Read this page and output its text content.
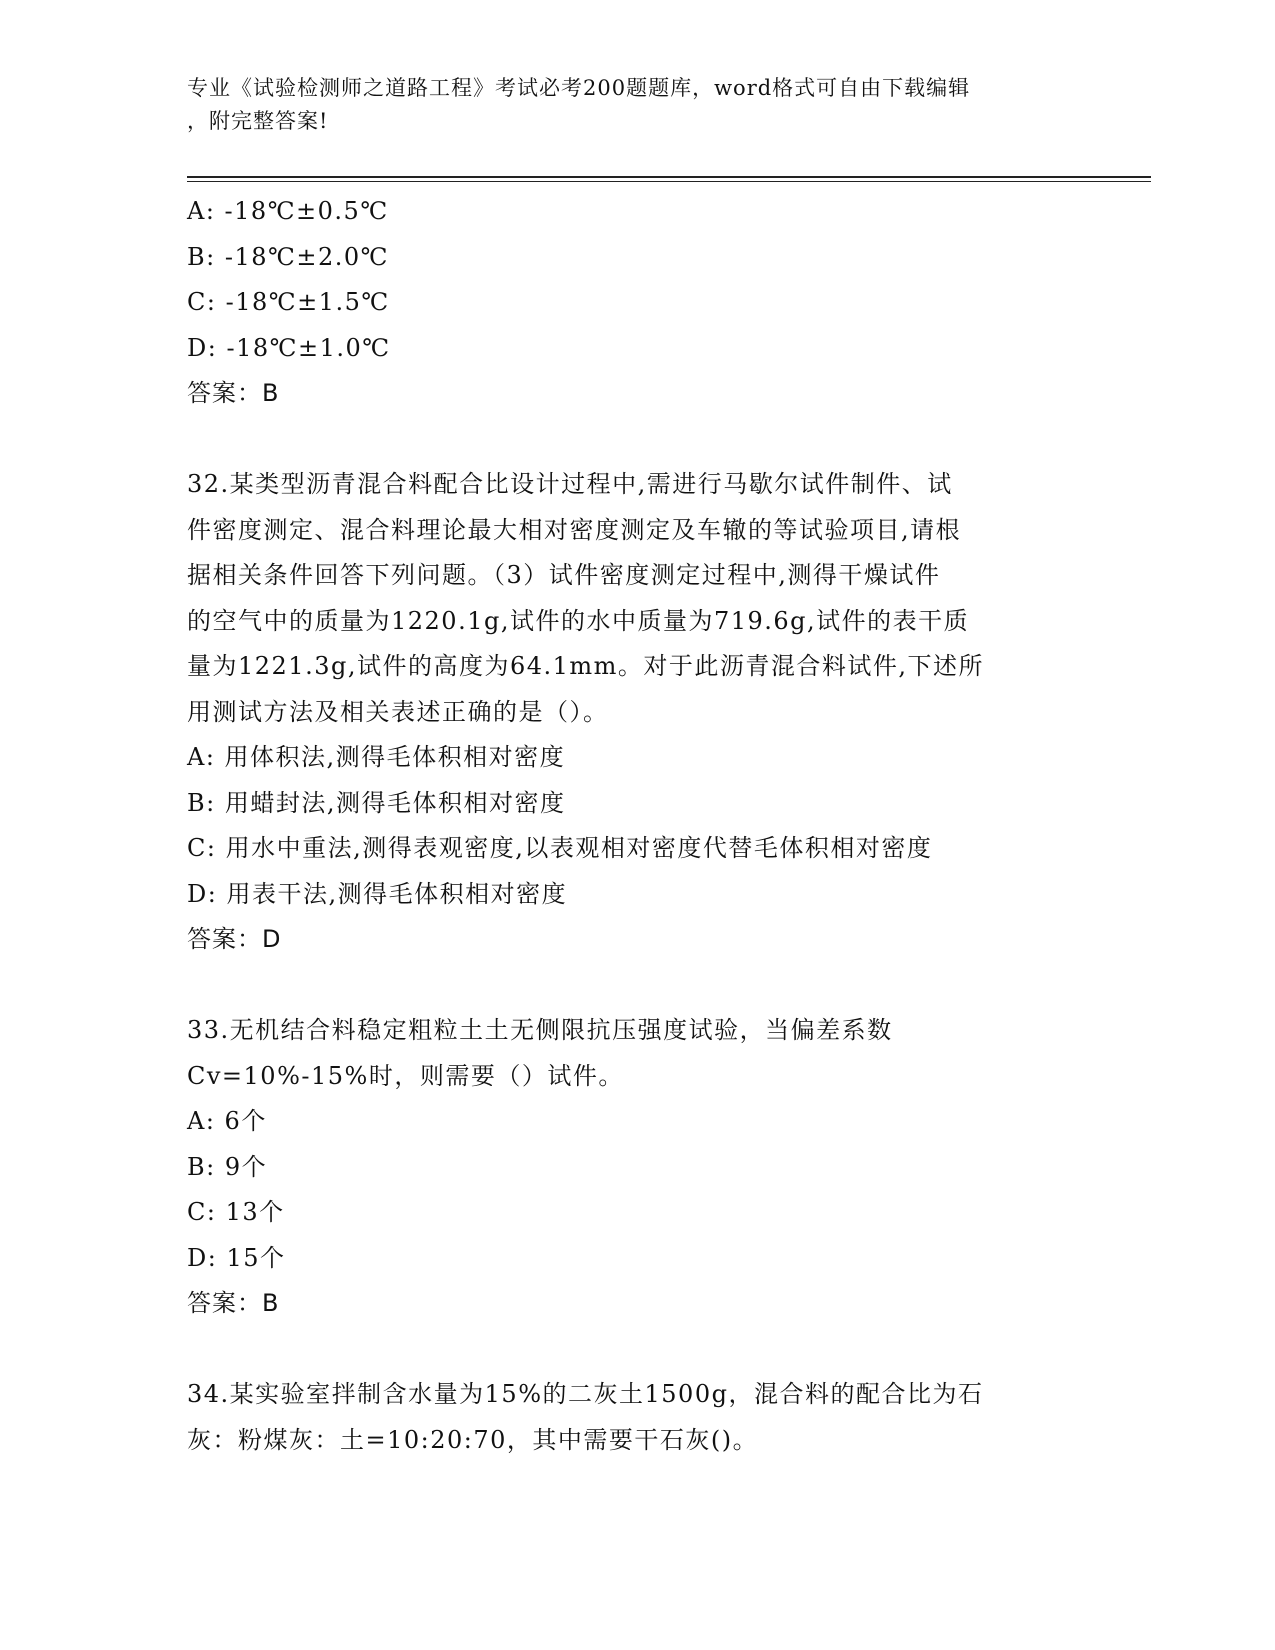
专业《试验检测师之道路工程》考试必考200题题库，word格式可自由下载编辑
，附完整答案!
A: -18℃±0.5℃
B: -18℃±2.0℃
C: -18℃±1.5℃
D: -18℃±1.0℃
答案：B
32.某类型沥青混合料配合比设计过程中,需进行马歇尔试件制件、试
件密度测定、混合料理论最大相对密度测定及车辙的等试验项目,请根
据相关条件回答下列问题。（3）试件密度测定过程中,测得干燥试件
的空气中的质量为1220.1g,试件的水中质量为719.6g,试件的表干质
量为1221.3g,试件的高度为64.1mm。对于此沥青混合料试件,下述所
用测试方法及相关表述正确的是（）。
A: 用体积法,测得毛体积相对密度
B: 用蜡封法,测得毛体积相对密度
C: 用水中重法,测得表观密度,以表观相对密度代替毛体积相对密度
D: 用表干法,测得毛体积相对密度
答案：D
33.无机结合料稳定粗粒土土无侧限抗压强度试验，当偏差系数
Cv=10%-15%时，则需要（）试件。
A: 6个
B: 9个
C: 13个
D: 15个
答案：B
34.某实验室拌制含水量为15%的二灰土1500g，混合料的配合比为石
灰：粉煤灰：土=10:20:70，其中需要干石灰()。
